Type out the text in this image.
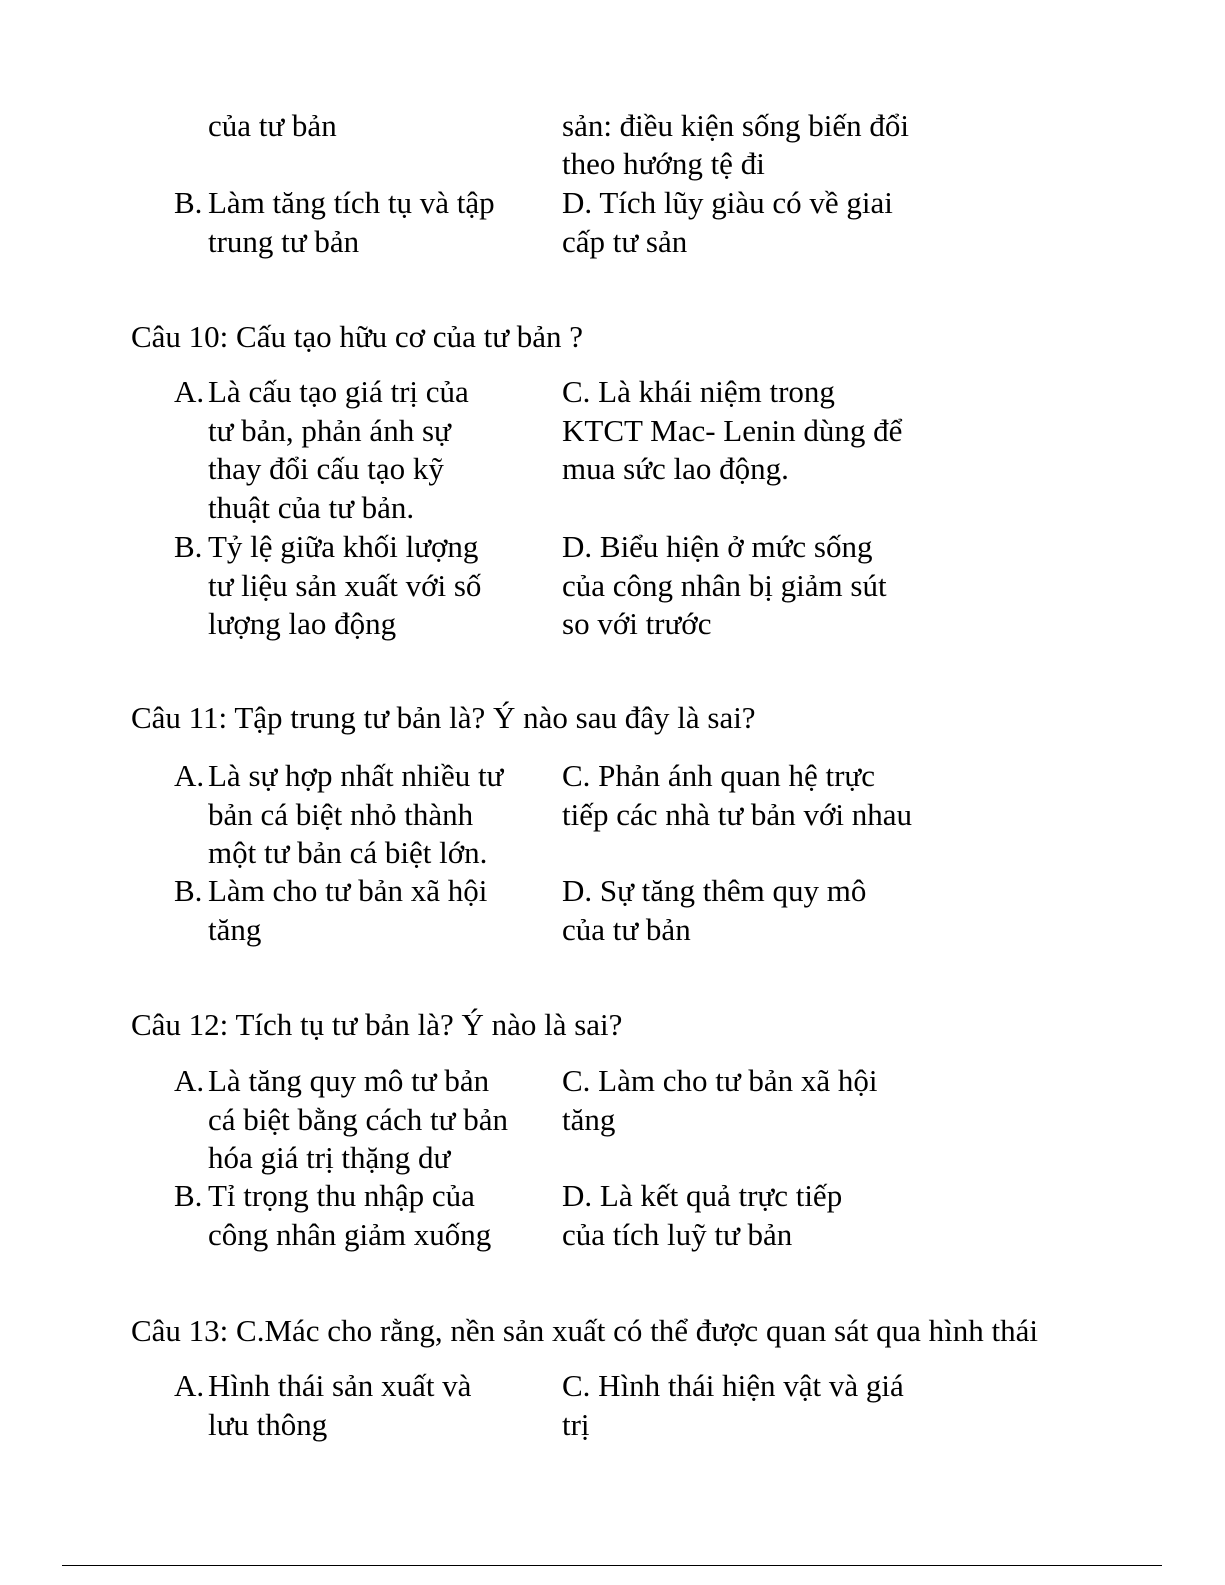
của tư bản	sản: điều kiện sống biến đổi
theo hướng tệ đi
B. Làm tăng tích tụ và tập
trung tư bản
D. Tích lũy giàu có về giai
cấp tư sản
Câu 10: Cấu tạo hữu cơ của tư bản ?
A. Là cấu tạo giá trị của
tư bản, phản ánh sự
thay đổi cấu tạo kỹ
thuật của tư bản.
C. Là khái niệm trong
KTCT Mac- Lenin dùng để
mua sức lao động.
B. Tỷ lệ giữa khối lượng
tư liệu sản xuất với số
lượng lao động
D. Biểu hiện ở mức sống
của công nhân bị giảm sút
so với trước
Câu 11: Tập trung tư bản là? Ý nào sau đây là sai?
A. Là sự hợp nhất nhiều tư
bản cá biệt nhỏ thành
một tư bản cá biệt lớn.
C. Phản ánh quan hệ trực
tiếp các nhà tư bản với nhau
B. Làm cho tư bản xã hội
tăng
D. Sự tăng thêm quy mô
của tư bản
Câu 12: Tích tụ tư bản là? Ý nào là sai?
A. Là tăng quy mô tư bản
cá biệt bằng cách tư bản
hóa giá trị thặng dư
C. Làm cho tư bản xã hội
tăng
B. Tỉ trọng thu nhập của
công nhân giảm xuống
D. Là kết quả trực tiếp
của tích luỹ tư bản
Câu 13: C.Mác cho rằng, nền sản xuất có thể được quan sát qua hình thái
A. Hình thái sản xuất và
lưu thông
C. Hình thái hiện vật và giá
trị
